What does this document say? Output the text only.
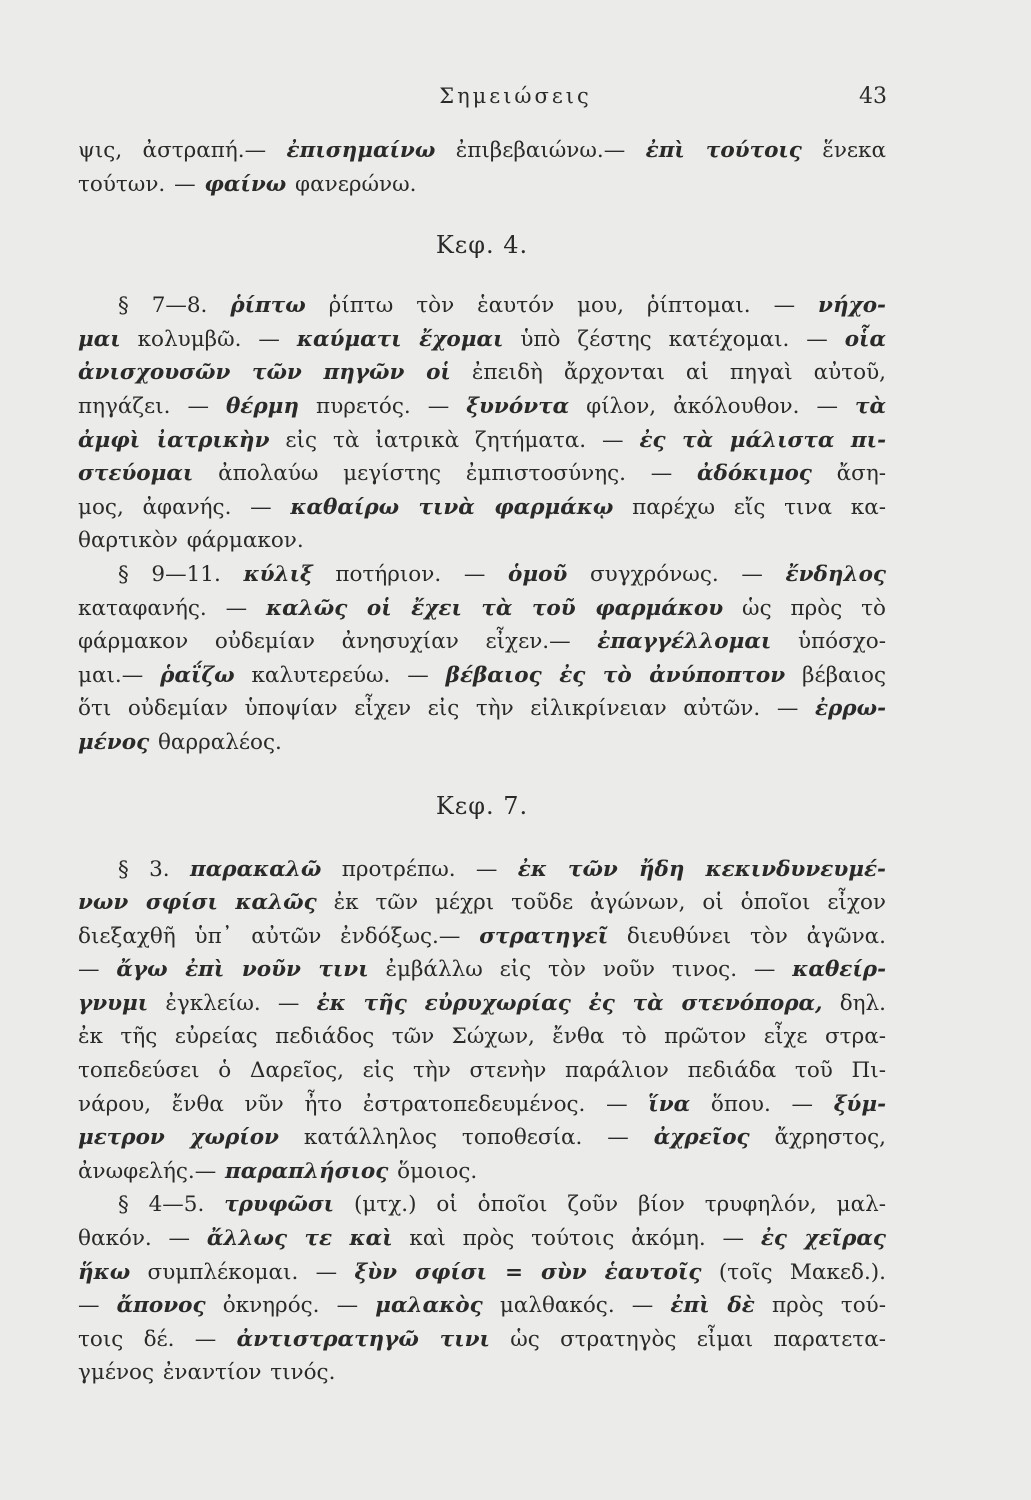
Σημειώσεις	43
ψις, ἀστραπή.— ἐπισημαίνω ἐπιβεβαιώνω.— ἐπὶ τούτοις ἕνεκα
τούτων. — φαίνω φανερώνω.
Κεφ. 4.
§ 7—8. ῥίπτω ῥίπτω τὸν ἑαυτόν μου, ῥίπτομαι. — νήχο-
μαι κολυμβῶ. — καύματι ἔχομαι ὑπὸ ζέστης κατέχομαι. — οἷα
ἀνισχουσῶν τῶν πηγῶν οἱ ἐπειδὴ ἄρχονται αἱ πηγαὶ αὐτοῦ,
πηγάζει. — θέρμη πυρετός. — ξυνόντα φίλον, ἀκόλουθον. — τὰ
ἀμφὶ ἰατρικὴν εἰς τὰ ἰατρικὰ ζητήματα. — ἐς τὰ μάλιστα πι-
στεύομαι ἀπολαύω μεγίστης ἐμπιστοσύνης. — ἀδόκιμος ἄση-
μος, ἀφανής. — καθαίρω τινὰ φαρμάκῳ παρέχω εἴς τινα κα-
θαρτικὸν φάρμακον.
§ 9—11. κύλιξ ποτήριον. — ὁμοῦ συγχρόνως. — ἔνδηλος
καταφανής. — καλῶς οἱ ἔχει τὰ τοῦ φαρμάκου ὡς πρὸς τὸ
φάρμακον οὐδεμίαν ἀνησυχίαν εἶχεν.— ἐπαγγέλλομαι ὑπόσχο-
μαι.— ῥαΐζω καλυτερεύω. — βέβαιος ἐς τὸ ἀνύποπτον βέβαιος
ὅτι οὐδεμίαν ὑποψίαν εἶχεν εἰς τὴν εἰλικρίνειαν αὐτῶν. — ἐρρω-
μένος θαρραλέος.
Κεφ. 7.
§ 3. παρακαλῶ προτρέπω. — ἐκ τῶν ἤδη κεκινδυνευμέ-
νων σφίσι καλῶς ἐκ τῶν μέχρι τοῦδε ἀγώνων, οἱ ὁποῖοι εἶχον
διεξαχθῆ ὑπ᾽ αὐτῶν ἐνδόξως.— στρατηγεῖ διευθύνει τὸν ἀγῶνα.
— ἄγω ἐπὶ νοῦν τινι ἐμβάλλω εἰς τὸν νοῦν τινος. — καθείρ-
γνυμι ἐγκλείω. — ἐκ τῆς εὐρυχωρίας ἐς τὰ στενόπορα, δηλ.
ἐκ τῆς εὐρείας πεδιάδος τῶν Σώχων, ἔνθα τὸ πρῶτον εἶχε στρα-
τοπεδεύσει ὁ Δαρεῖος, εἰς τὴν στενὴν παράλιον πεδιάδα τοῦ Πι-
νάρου, ἔνθα νῦν ἦτο ἐστρατοπεδευμένος. — ἵνα ὅπου. — ξύμ-
μετρον χωρίον κατάλληλος τοποθεσία. — ἀχρεῖος ἄχρηστος,
ἀνωφελής.— παραπλήσιος ὅμοιος.
§ 4—5. τρυφῶσι (μτχ.) οἱ ὁποῖοι ζοῦν βίον τρυφηλόν, μαλ-
θακόν. — ἄλλως τε καὶ καὶ πρὸς τούτοις ἀκόμη. — ἐς χεῖρας
ἥκω συμπλέκομαι. — ξὺν σφίσι = σὺν ἑαυτοῖς (τοῖς Μακεδ.).
— ἄπονος ὀκνηρός. — μαλακὸς μαλθακός. — ἐπὶ δὲ πρὸς τού-
τοις δέ. — ἀντιστρατηγῶ τινι ὡς στρατηγὸς εἶμαι παρατετα-
γμένος ἐναντίον τινός.
